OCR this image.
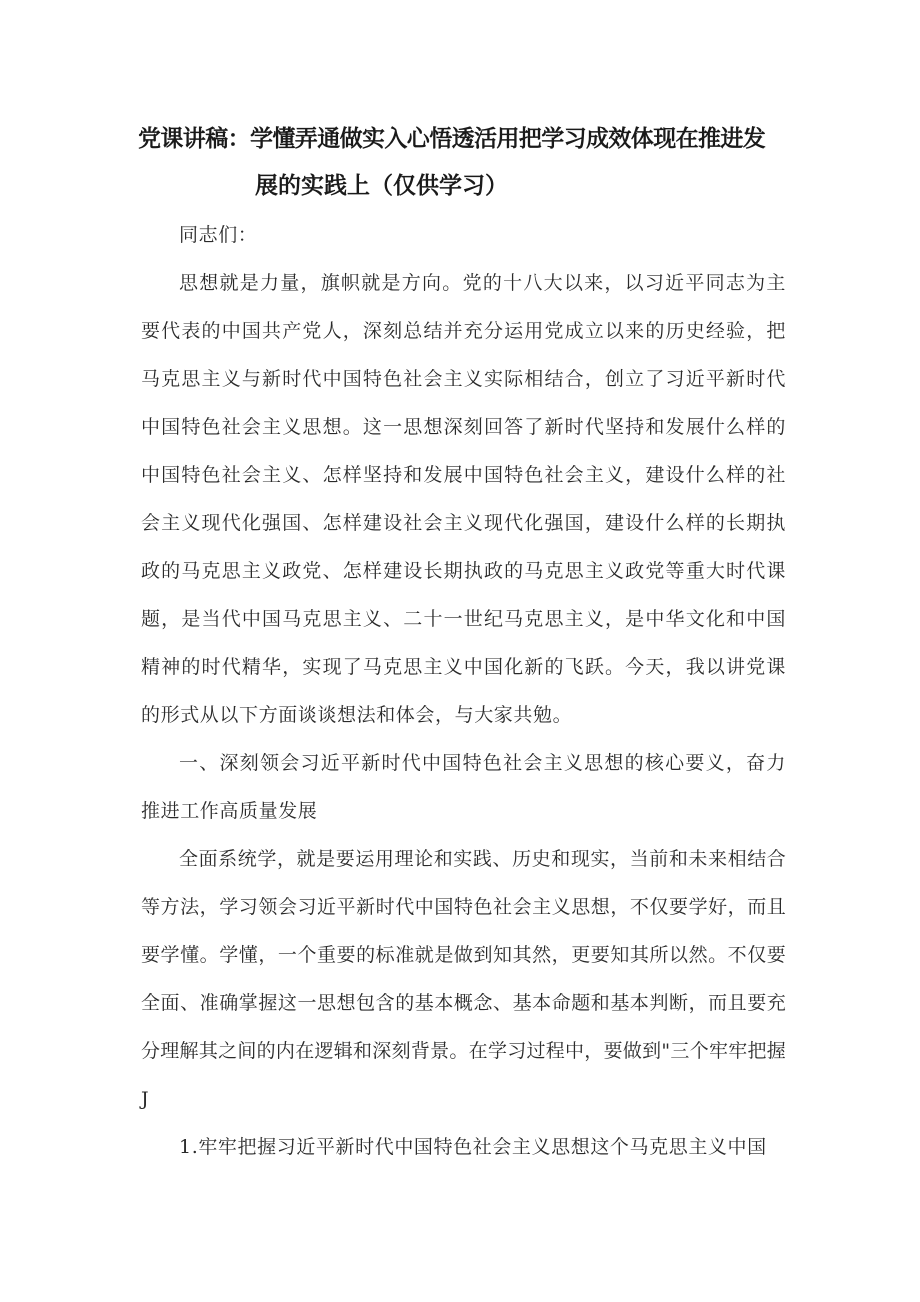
党课讲稿：学懂弄通做实入心悟透活用把学习成效体现在推进发
展的实践上（仅供学习）

同志们：

思想就是力量，旗帜就是方向。党的十八大以来，以习近平同志为主要代表的中国共产党人，深刻总结并充分运用党成立以来的历史经验，把马克思主义与新时代中国特色社会主义实际相结合，创立了习近平新时代中国特色社会主义思想。这一思想深刻回答了新时代坚持和发展什么样的中国特色社会主义、怎样坚持和发展中国特色社会主义，建设什么样的社会主义现代化强国、怎样建设社会主义现代化强国，建设什么样的长期执政的马克思主义政党、怎样建设长期执政的马克思主义政党等重大时代课题，是当代中国马克思主义、二十一世纪马克思主义，是中华文化和中国精神的时代精华，实现了马克思主义中国化新的飞跃。今天，我以讲党课的形式从以下方面谈谈想法和体会，与大家共勉。

一、深刻领会习近平新时代中国特色社会主义思想的核心要义，奋力推进工作高质量发展

全面系统学，就是要运用理论和实践、历史和现实，当前和未来相结合等方法，学习领会习近平新时代中国特色社会主义思想，不仅要学好，而且要学懂。学懂，一个重要的标准就是做到知其然，更要知其所以然。不仅要全面、准确掌握这一思想包含的基本概念、基本命题和基本判断，而且要充分理解其之间的内在逻辑和深刻背景。在学习过程中，要做到"三个牢牢把握J

1.牢牢把握习近平新时代中国特色社会主义思想这个马克思主义中国
